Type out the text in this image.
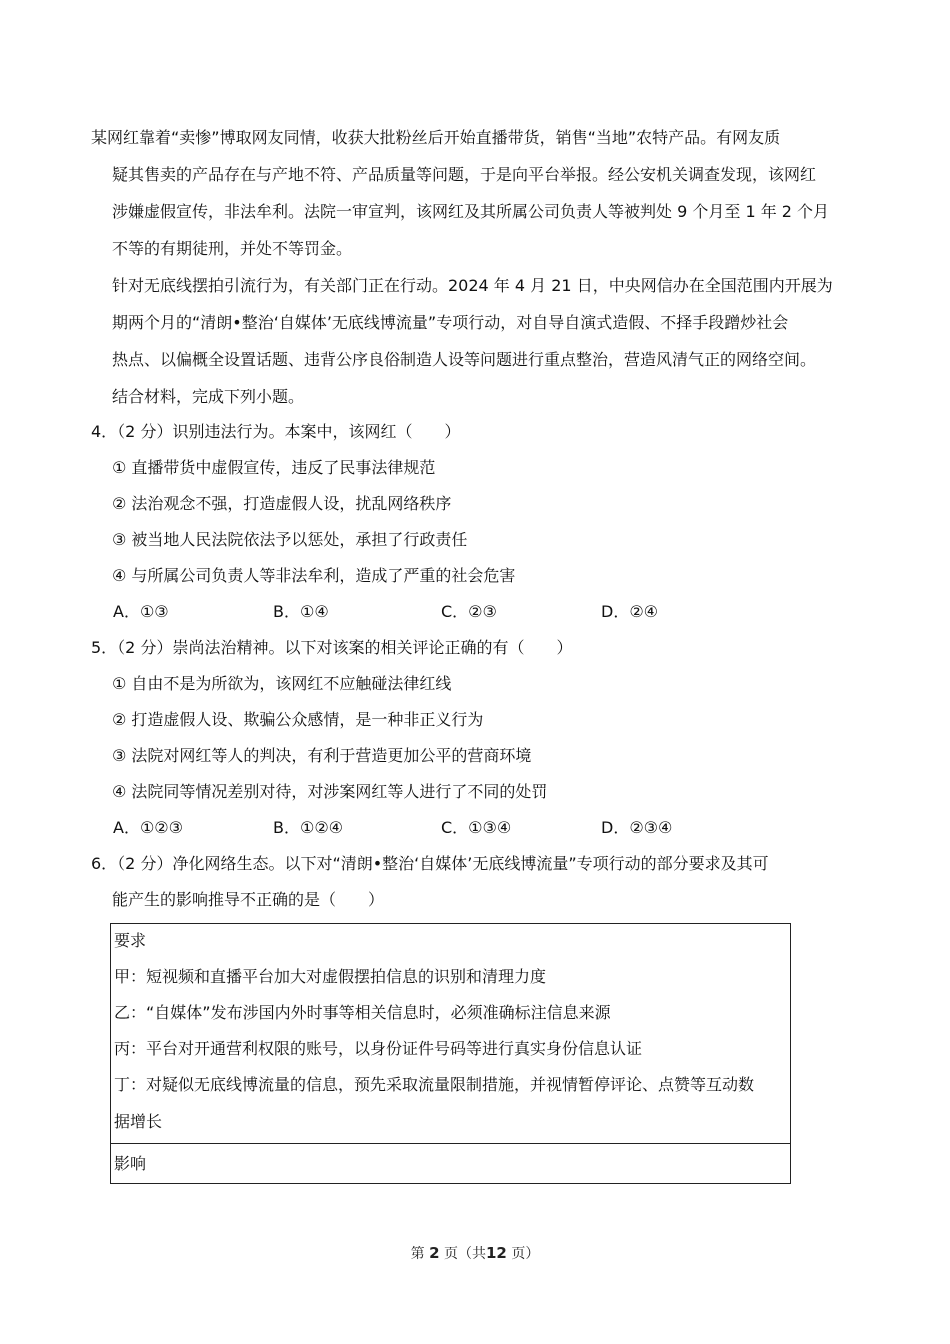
某网红靠着“卖惨”博取网友同情，收获大批粉丝后开始直播带货，销售“当地”农特产品。有网友质
疑其售卖的产品存在与产地不符、产品质量等问题，于是向平台举报。经公安机关调查发现，该网红
涉嫌虚假宣传，非法牟利。法院一审宣判，该网红及其所属公司负责人等被判处 9 个月至 1 年 2 个月
不等的有期徒刑，并处不等罚金。
针对无底线摆拍引流行为，有关部门正在行动。2024 年 4 月 21 日，中央网信办在全国范围内开展为
期两个月的“清朗•整治‘自媒体’无底线博流量”专项行动，对自导自演式造假、不择手段蹭炒社会
热点、以偏概全设置话题、违背公序良俗制造人设等问题进行重点整治，营造风清气正的网络空间。
结合材料，完成下列小题。
4．（2 分）识别违法行为。本案中，该网红（　　）
① 直播带货中虚假宣传，违反了民事法律规范
② 法治观念不强，打造虚假人设，扰乱网络秩序
③ 被当地人民法院依法予以惩处，承担了行政责任
④ 与所属公司负责人等非法牟利，造成了严重的社会危害
A．①③	B．①④	C．②③	D．②④
5．（2 分）崇尚法治精神。以下对该案的相关评论正确的有（　　）
① 自由不是为所欲为，该网红不应触碰法律红线
② 打造虚假人设、欺骗公众感情，是一种非正义行为
③ 法院对网红等人的判决，有利于营造更加公平的营商环境
④ 法院同等情况差别对待，对涉案网红等人进行了不同的处罚
A．①②③	B．①②④	C．①③④	D．②③④
6．（2 分）净化网络生态。以下对“清朗•整治‘自媒体’无底线博流量”专项行动的部分要求及其可
能产生的影响推导不正确的是（　　）
要求
甲：短视频和直播平台加大对虚假摆拍信息的识别和清理力度
乙：“自媒体”发布涉国内外时事等相关信息时，必须准确标注信息来源
丙：平台对开通营利权限的账号，以身份证件号码等进行真实身份信息认证
丁：对疑似无底线博流量的信息，预先采取流量限制措施，并视情暂停评论、点赞等互动数
据增长
影响
第 2 页（共12 页）
